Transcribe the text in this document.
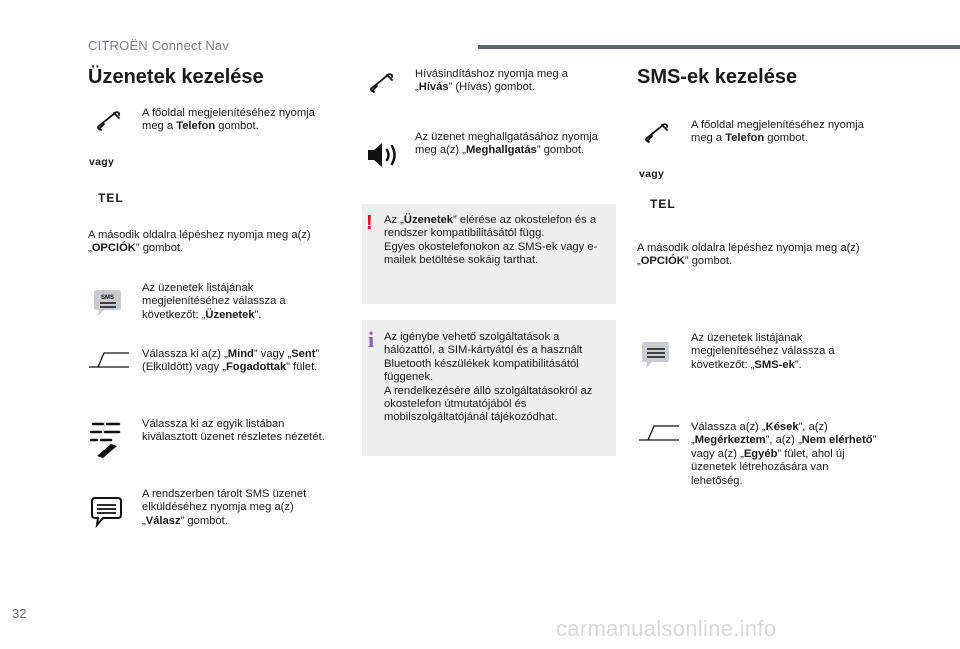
CITROËN Connect Nav
Üzenetek kezelése
A főoldal megjelenítéséhez nyomja meg a Telefon gombot.
vagy
TEL
A második oldalra lépéshez nyomja meg a(z) „OPCIÓK” gombot.
SMS
Az üzenetek listájának megjelenítéséhez válassza a következőt: „Üzenetek”.
Válassza ki a(z) „Mind” vagy „Sent” (Elküldött) vagy „Fogadottak” fület.
Válassza ki az egyik listában kiválasztott üzenet részletes nézetét.
A rendszerben tárolt SMS üzenet elküldéséhez nyomja meg a(z) „Válasz” gombot.
Hívásindításhoz nyomja meg a „Hívás” (Hívás) gombot.
Az üzenet meghallgatásához nyomja meg a(z) „Meghallgatás” gombot.
! Az „Üzenetek” elérése az okostelefon és a rendszer kompatibilitásától függ.
Egyes okostelefonokon az SMS-ek vagy e-mailek betöltése sokáig tarthat.
i Az igénybe vehető szolgáltatások a hálózattól, a SIM-kártyától és a használt Bluetooth készülékek kompatibilitásától függenek.
A rendelkezésére álló szolgáltatásokról az okostelefon útmutatójából és mobilszolgáltatójánál tájékozódhat.
SMS-ek kezelése
A főoldal megjelenítéséhez nyomja meg a Telefon gombot.
vagy
TEL
A második oldalra lépéshez nyomja meg a(z) „OPCIÓK” gombot.
Az üzenetek listájának megjelenítéséhez válassza a következőt: „SMS-ek”.
Válassza a(z) „Kések”, a(z) „Megérkeztem”, a(z) „Nem elérhető” vagy a(z) „Egyéb” fület, ahol új üzenetek létrehozására van lehetőség.
32
carmanualsonline.info
